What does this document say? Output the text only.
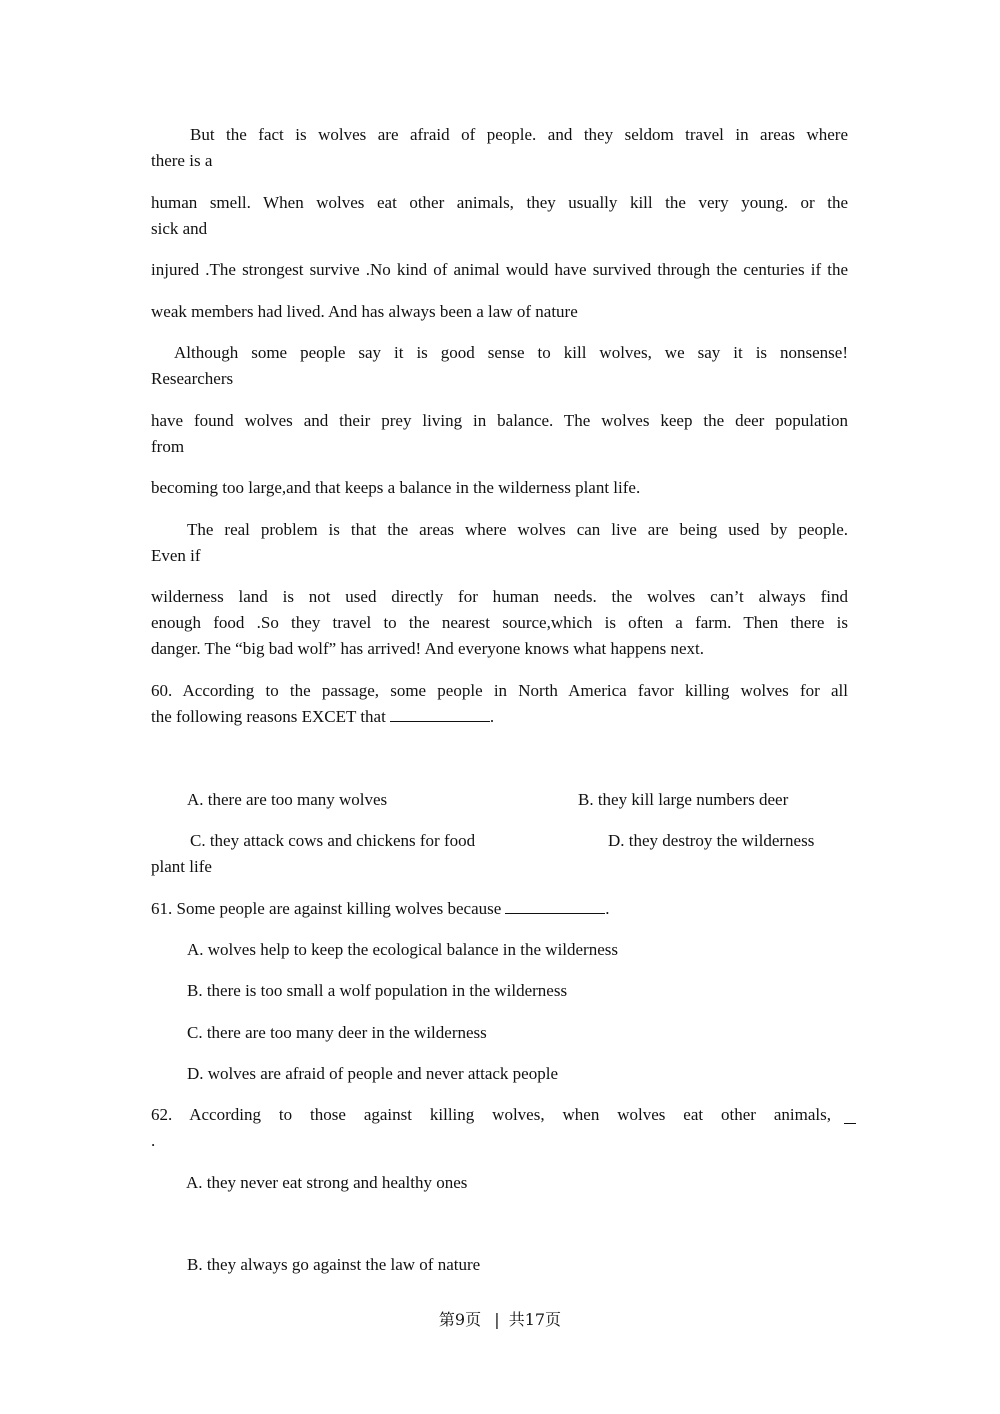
But the fact is wolves are afraid of people. and they seldom travel in areas where
there is a
human smell. When wolves eat other animals, they usually kill the very young. or the
sick and
injured .The strongest survive .No kind of animal would have survived through the centuries if the
weak members had lived. And has always been a law of nature
Although some people say it is good sense to kill wolves, we say it is nonsense!
Researchers
have found wolves and their prey living in balance. The wolves keep the deer population
from
becoming too large,and that keeps a balance in the wilderness plant life.
The real problem is that the areas where wolves can live are being used by people.
Even if
wilderness land is not used directly for human needs. the wolves can’t always find
enough food .So they travel to the nearest source,which is often a farm. Then there is
danger. The “big bad wolf” has arrived! And everyone knows what happens next.
60. According to the passage, some people in North America favor killing wolves for all
the following reasons EXCET that	.
A. there are too many wolves	B. they kill large numbers deer
C. they attack cows and chickens for food	D. they destroy the wilderness
plant life
61. Some people are against killing wolves because	.
A. wolves help to keep the ecological balance in the wilderness
B. there is too small a wolf population in the wilderness
C. there are too many deer in the wilderness
D. wolves are afraid of people and never attack people
62. According to those against killing wolves, when wolves eat other animals,
.
A. they never eat strong and healthy ones
B. they always go against the law of nature
第9页 | 共17页
